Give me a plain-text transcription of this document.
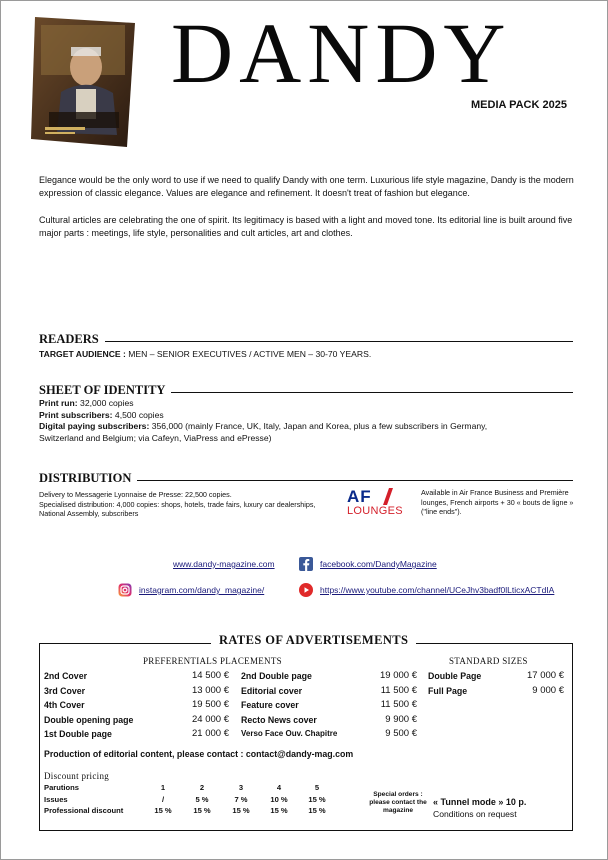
DANDY
MEDIA PACK 2025
Elegance would be the only word to use if we need to qualify Dandy with one term. Luxurious life style magazine, Dandy is the modern expression of classic elegance. Values are elegance and refinement. It doesn't treat of fashion but elegance.
Cultural articles are celebrating the one of spirit. Its legitimacy is based with a light and moved tone. Its editorial line is built around five major parts : meetings, life style, personalities and cult articles, art and clothes.
READERS
TARGET AUDIENCE : MEN – SENIOR EXECUTIVES / ACTIVE MEN – 30-70 YEARS.
SHEET OF IDENTITY
Print run: 32,000 copies
Print subscribers: 4,500 copies
Digital paying subscribers: 356,000 (mainly France, UK, Italy, Japan and Korea, plus a few subscribers in Germany, Switzerland and Belgium; via Cafeyn, ViaPress and ePresse)
DISTRIBUTION
Delivery to Messagerie Lyonnaise de Presse: 22,500 copies.
Specialised distribution: 4,000 copies: shops, hotels, trade fairs, luxury car dealerships, National Assembly, subscribers
AF
LOUNGES
Available in Air France Business and Première lounges, French airports + 30 « bouts de ligne » ("line ends").
www.dandy-magazine.com	facebook.com/DandyMagazine
instagram.com/dandy_magazine/	https://www.youtube.com/channel/UCeJhv3badf0lLticxACTdIA
RATES OF ADVERTISEMENTS
PREFERENTIALS PLACEMENTS	STANDARD SIZES
2nd Cover	14 500 €
3rd Cover	13 000 €
4th Cover	19 500 €
Double opening page	24 000 €
1st Double page	21 000 €
2nd Double page	19 000 €
Editorial cover	11 500 €
Feature cover	11 500 €
Recto News cover	9 900 €
Verso Face Ouv. Chapitre	9 500 €
Double Page	17 000 €
Full Page	9 000 €
Production of editorial content, please contact : contact@dandy-mag.com
Discount pricing
Parutions	1	2	3	4	5
Issues	/	5 %	7 %	10 %	15 %
Professional discount	15 %	15 %	15 %	15 %	15 %
Special orders : please contact the magazine
« Tunnel mode » 10 p.
Conditions on request
